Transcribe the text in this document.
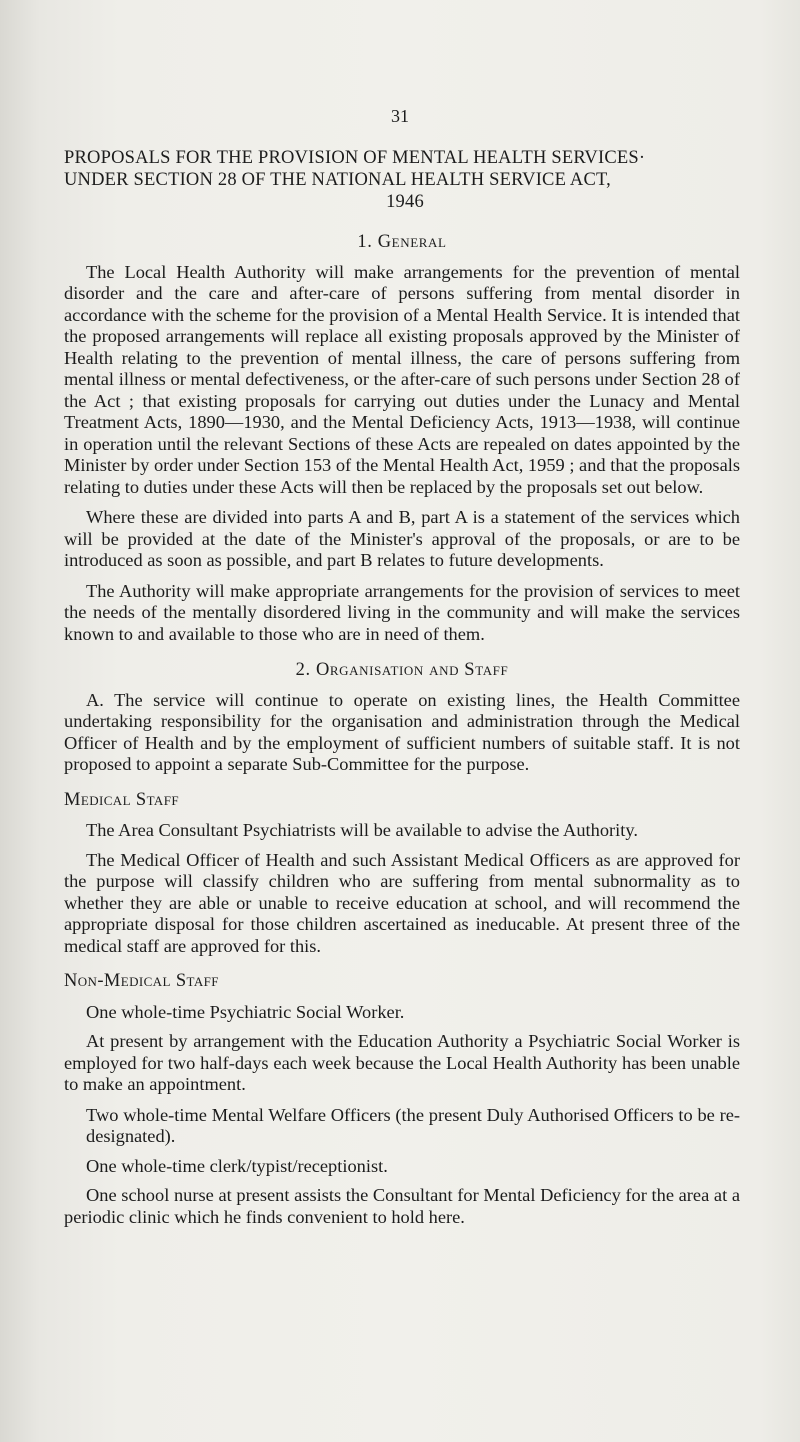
31
PROPOSALS FOR THE PROVISION OF MENTAL HEALTH SERVICES·
UNDER SECTION 28 OF THE NATIONAL HEALTH SERVICE ACT,
1946
1. General

The Local Health Authority will make arrangements for the prevention of mental disorder and the care and after-care of persons suffering from mental disorder in accordance with the scheme for the provision of a Mental Health Service. It is intended that the proposed arrangements will replace all existing proposals approved by the Minister of Health relating to the prevention of mental illness, the care of persons suffering from mental illness or mental defectiveness, or the after-care of such persons under Section 28 of the Act ; that existing proposals for carrying out duties under the Lunacy and Mental Treatment Acts, 1890—1930, and the Mental Deficiency Acts, 1913—1938, will continue in operation until the relevant Sections of these Acts are repealed on dates appointed by the Minister by order under Section 153 of the Mental Health Act, 1959 ; and that the proposals relating to duties under these Acts will then be replaced by the proposals set out below.

Where these are divided into parts A and B, part A is a statement of the services which will be provided at the date of the Minister's approval of the proposals, or are to be introduced as soon as possible, and part B relates to future developments.

The Authority will make appropriate arrangements for the provision of services to meet the needs of the mentally disordered living in the community and will make the services known to and available to those who are in need of them.

2. Organisation and Staff

A. The service will continue to operate on existing lines, the Health Committee undertaking responsibility for the organisation and administration through the Medical Officer of Health and by the employment of sufficient numbers of suitable staff. It is not proposed to appoint a separate Sub-Committee for the purpose.

Medical Staff

The Area Consultant Psychiatrists will be available to advise the Authority.

The Medical Officer of Health and such Assistant Medical Officers as are approved for the purpose will classify children who are suffering from mental subnormality as to whether they are able or unable to receive education at school, and will recommend the appropriate disposal for those children ascertained as ineducable. At present three of the medical staff are approved for this.

Non-Medical Staff

One whole-time Psychiatric Social Worker.

At present by arrangement with the Education Authority a Psychiatric Social Worker is employed for two half-days each week because the Local Health Authority has been unable to make an appointment.

Two whole-time Mental Welfare Officers (the present Duly Authorised Officers to be re-designated).

One whole-time clerk/typist/receptionist.

One school nurse at present assists the Consultant for Mental Deficiency for the area at a periodic clinic which he finds convenient to hold here.
